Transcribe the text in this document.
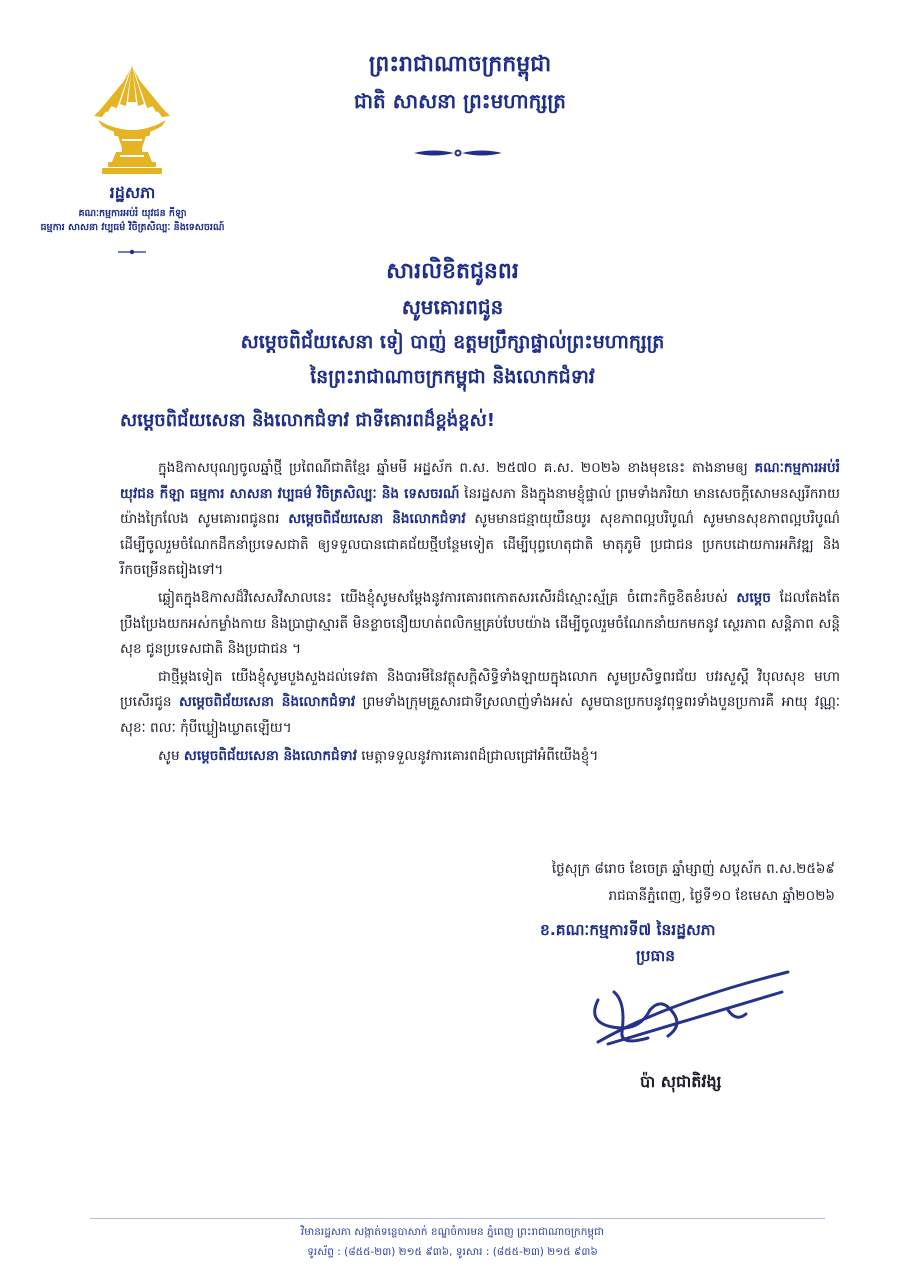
រដ្ឋសភា
គណៈកម្មការអប់រំ យុវជន កីឡា
ធម្មការ សាសនា វប្បធម៌ វិចិត្រសិល្បៈ និងទេសចរណ៍
ព្រះរាជាណាចក្រកម្ពុជា
ជាតិ សាសនា ព្រះមហាក្សត្រ
សារលិខិតជូនពរ
សូមគោរពជូន
សម្តេចពិជ័យសេនា ទៀ បាញ់ ឧត្តមប្រឹក្សាផ្ទាល់ព្រះមហាក្សត្រ
នៃព្រះរាជាណាចក្រកម្ពុជា និងលោកជំទាវ
សម្តេចពិជ័យសេនា និងលោកជំទាវ ជាទីគោរពដ៏ខ្ពង់ខ្ពស់!

ក្នុងឱកាសបុណ្យចូលឆ្នាំថ្មី ប្រពៃណីជាតិខ្មែរ ឆ្នាំមមី អដ្ឋស័ក ព.ស. ២៥៧០ គ.ស. ២០២៦ ខាងមុខនេះ តាងនាមឲ្យ គណៈកម្មការអប់រំ យុវជន កីឡា ធម្មការ សាសនា វប្បធម៌ វិចិត្រសិល្បៈ និង ទេសចរណ៍ នៃរដ្ឋសភា និងក្នុងនាមខ្ញុំផ្ទាល់ ព្រមទាំងភរិយា មានសេចក្ដីសោមនស្សរីករាយយ៉ាងក្រៃលែង សូមគោរពជូនពរ សម្តេចពិជ័យសេនា និងលោកជំទាវ សូមមានជន្មាយុយឺនយូរ សុខភាពល្អបរិបូណ៌ សូមមានសុខភាពល្អបរិបូណ៌ ដើម្បីចូលរួមចំណែកដឹកនាំប្រទេសជាតិ ឲ្យទទួលបានជោគជ័យថ្មីបន្ថែមទៀត ដើម្បីបុព្វហេតុជាតិ មាតុភូមិ ប្រជាជន ប្រកបដោយការអភិវឌ្ឍ និងរីកចម្រើនតរៀងទៅ។

ឆ្លៀតក្នុងឱកាសដ៏វិសេសវិសាលនេះ យើងខ្ញុំសូមសម្តែងនូវការគោរពកោតសរសើរដ៏ស្មោះស្ម័គ្រ ចំពោះកិច្ចខិតខំរបស់ សម្តេច ដែលតែងតែប្រឹងប្រែងយកអស់កម្លាំងកាយ និងប្រាជ្ញាស្មារតី មិនខ្លាចនឿយហត់ពលិកម្មគ្រប់បែបយ៉ាង ដើម្បីចូលរួមចំណែកនាំយកមកនូវ ស្ថេរភាព សន្តិភាព សន្តិសុខ ជូនប្រទេសជាតិ និងប្រជាជន ។

ជាថ្មីម្តងទៀត យើងខ្ញុំសូមបួងសួងដល់ទេវតា និងបារមីនៃវត្ថុសក្ដិសិទ្ធិទាំងឡាយក្នុងលោក សូមប្រសិទ្ធពរជ័យ បវរសួស្តី វិបុលសុខ មហាប្រសើរជូន សម្តេចពិជ័យសេនា និងលោកជំទាវ ព្រមទាំងក្រុមគ្រួសារជាទីស្រលាញ់ទាំងអស់ សូមបានប្រកបនូវពុទ្ធពរទាំងបួនប្រការគឺ អាយុ វណ្ណៈ សុខៈ ពលៈ កុំបីឃ្លៀងឃ្លាតឡើយ។

សូម សម្តេចពិជ័យសេនា និងលោកជំទាវ មេត្តាទទួលនូវការគោរពដ៏ជ្រាលជ្រៅអំពីយើងខ្ញុំ។

ថ្ងៃសុក្រ ៨រោច ខែចេត្រ ឆ្នាំម្សាញ់ សប្តស័ក ព.ស.២៥៦៩
រាជធានីភ្នំពេញ, ថ្ងៃទី១០ ខែមេសា ឆ្នាំ២០២៦
ខ.គណៈកម្មការទី៧ នៃរដ្ឋសភា
ប្រធាន
ប៉ា សុជាតិវង្ស
វិមានរដ្ឋសភា សង្កាត់ទន្លេបាសាក់ ខណ្ឌចំការមន ភ្នំពេញ ព្រះរាជាណាចក្រកម្ពុជា
ទូរស័ព្ទ : (៨៥៥-២៣) ២១៥ ៩៣៦, ទូរសារ : (៨៥៥-២៣) ២១៥ ៩៣៦
